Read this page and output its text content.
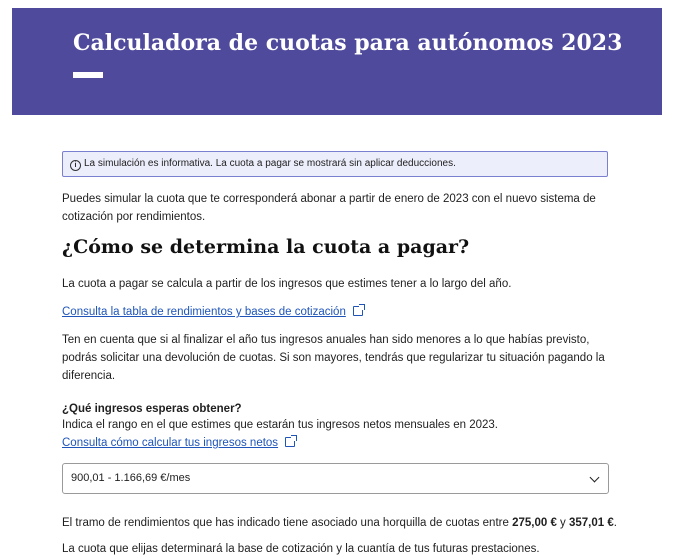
Calculadora de cuotas para autónomos 2023
i La simulación es informativa. La cuota a pagar se mostrará sin aplicar deducciones.

Puedes simular la cuota que te corresponderá abonar a partir de enero de 2023 con el nuevo sistema de cotización por rendimientos.

¿Cómo se determina la cuota a pagar?

La cuota a pagar se calcula a partir de los ingresos que estimes tener a lo largo del año.

Consulta la tabla de rendimientos y bases de cotización

Ten en cuenta que si al finalizar el año tus ingresos anuales han sido menores a lo que habías previsto, podrás solicitar una devolución de cuotas. Si son mayores, tendrás que regularizar tu situación pagando la diferencia.

¿Qué ingresos esperas obtener?

Indica el rango en el que estimes que estarán tus ingresos netos mensuales en 2023.

Consulta cómo calcular tus ingresos netos
900,01 - 1.166,69 €/mes

El tramo de rendimientos que has indicado tiene asociado una horquilla de cuotas entre 275,00 € y 357,01 €.

La cuota que elijas determinará la base de cotización y la cuantía de tus futuras prestaciones.
